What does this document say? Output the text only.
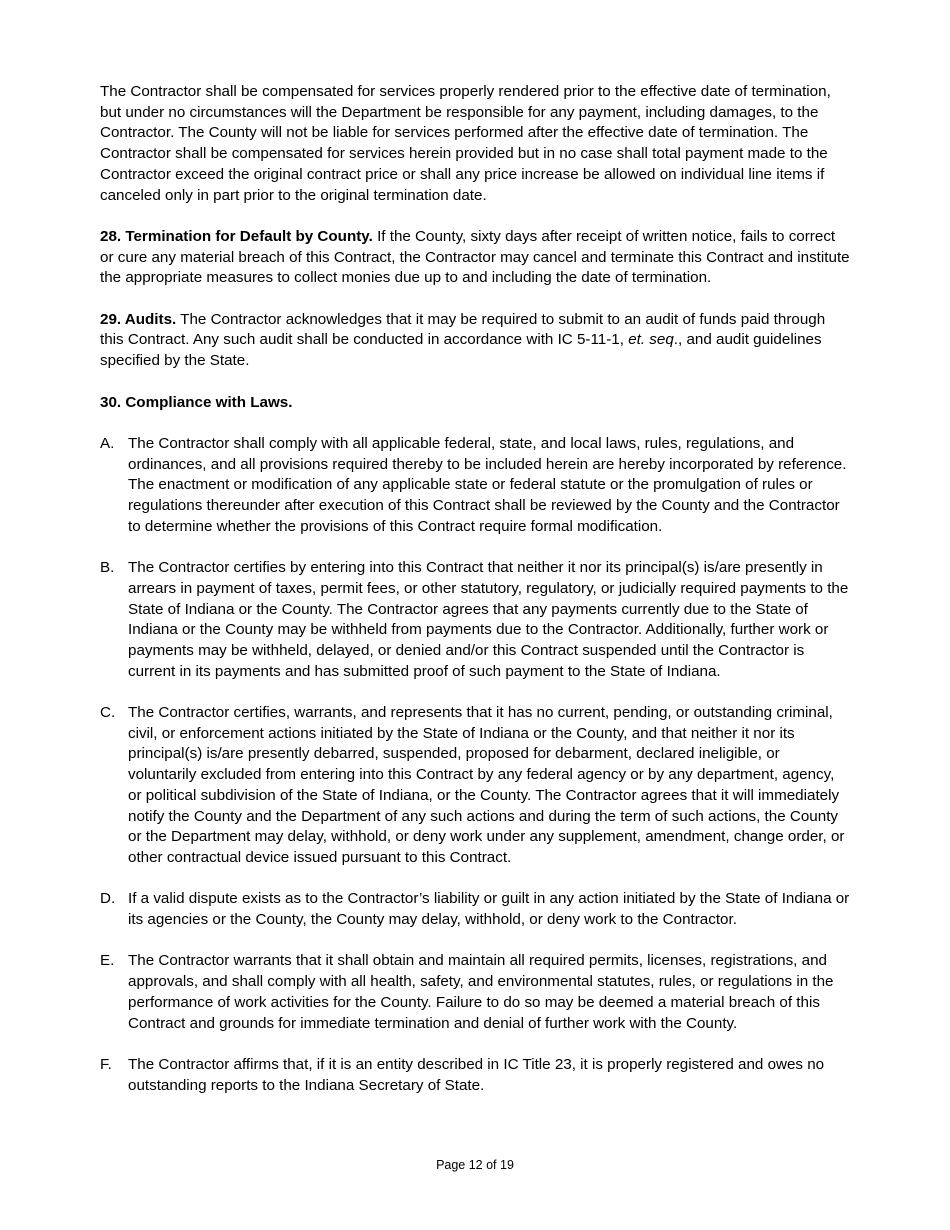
The Contractor shall be compensated for services properly rendered prior to the effective date of termination, but under no circumstances will the Department be responsible for any payment, including damages, to the Contractor. The County will not be liable for services performed after the effective date of termination. The Contractor shall be compensated for services herein provided but in no case shall total payment made to the Contractor exceed the original contract price or shall any price increase be allowed on individual line items if canceled only in part prior to the original termination date.

28. Termination for Default by County. If the County, sixty days after receipt of written notice, fails to correct or cure any material breach of this Contract, the Contractor may cancel and terminate this Contract and institute the appropriate measures to collect monies due up to and including the date of termination.

29. Audits. The Contractor acknowledges that it may be required to submit to an audit of funds paid through this Contract. Any such audit shall be conducted in accordance with IC 5-11-1, et. seq., and audit guidelines specified by the State.

30. Compliance with Laws.

A. The Contractor shall comply with all applicable federal, state, and local laws, rules, regulations, and ordinances, and all provisions required thereby to be included herein are hereby incorporated by reference. The enactment or modification of any applicable state or federal statute or the promulgation of rules or regulations thereunder after execution of this Contract shall be reviewed by the County and the Contractor to determine whether the provisions of this Contract require formal modification.
B. The Contractor certifies by entering into this Contract that neither it nor its principal(s) is/are presently in arrears in payment of taxes, permit fees, or other statutory, regulatory, or judicially required payments to the State of Indiana or the County. The Contractor agrees that any payments currently due to the State of Indiana or the County may be withheld from payments due to the Contractor. Additionally, further work or payments may be withheld, delayed, or denied and/or this Contract suspended until the Contractor is current in its payments and has submitted proof of such payment to the State of Indiana.
C. The Contractor certifies, warrants, and represents that it has no current, pending, or outstanding criminal, civil, or enforcement actions initiated by the State of Indiana or the County, and that neither it nor its principal(s) is/are presently debarred, suspended, proposed for debarment, declared ineligible, or voluntarily excluded from entering into this Contract by any federal agency or by any department, agency, or political subdivision of the State of Indiana, or the County. The Contractor agrees that it will immediately notify the County and the Department of any such actions and during the term of such actions, the County or the Department may delay, withhold, or deny work under any supplement, amendment, change order, or other contractual device issued pursuant to this Contract.
D. If a valid dispute exists as to the Contractor’s liability or guilt in any action initiated by the State of Indiana or its agencies or the County, the County may delay, withhold, or deny work to the Contractor.
E. The Contractor warrants that it shall obtain and maintain all required permits, licenses, registrations, and approvals, and shall comply with all health, safety, and environmental statutes, rules, or regulations in the performance of work activities for the County. Failure to do so may be deemed a material breach of this Contract and grounds for immediate termination and denial of further work with the County.
F.	The Contractor affirms that, if it is an entity described in IC Title 23, it is properly registered and owes no outstanding reports to the Indiana Secretary of State.
Page 12 of 19
